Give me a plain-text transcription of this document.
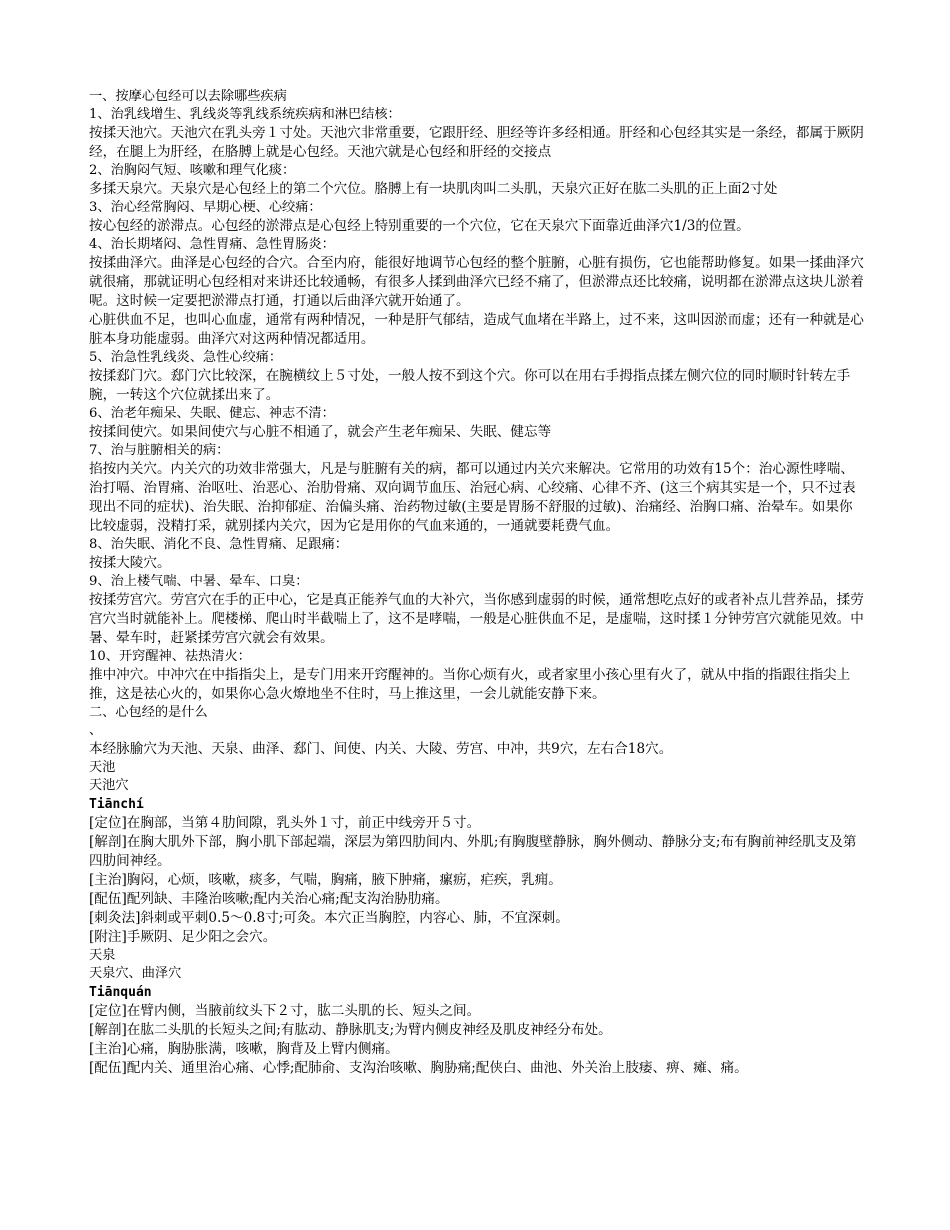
一、按摩心包经可以去除哪些疾病

1、治乳线增生、乳线炎等乳线系统疾病和淋巴结核：

按揉天池穴。天池穴在乳头旁１寸处。天池穴非常重要，它跟肝经、胆经等许多经相通。肝经和心包经其实是一条经，都属于厥阴经，在腿上为肝经，在胳膊上就是心包经。天池穴就是心包经和肝经的交接点

2、治胸闷气短、咳嗽和理气化痰：

多揉天泉穴。天泉穴是心包经上的第二个穴位。胳膊上有一块肌肉叫二头肌，天泉穴正好在肱二头肌的正上面2寸处

3、治心经常胸闷、早期心梗、心绞痛：

按心包经的淤滞点。心包经的淤滞点是心包经上特别重要的一个穴位，它在天泉穴下面靠近曲泽穴1/3的位置。

4、治长期堵闷、急性胃痛、急性胃肠炎：

按揉曲泽穴。曲泽是心包经的合穴。合至内府，能很好地调节心包经的整个脏腑，心脏有损伤，它也能帮助修复。如果一揉曲泽穴就很痛，那就证明心包经相对来讲还比较通畅，有很多人揉到曲泽穴已经不痛了，但淤滞点还比较痛，说明都在淤滞点这块儿淤着呢。这时候一定要把淤滞点打通，打通以后曲泽穴就开始通了。

心脏供血不足，也叫心血虚，通常有两种情况，一种是肝气郁结，造成气血堵在半路上，过不来，这叫因淤而虚；还有一种就是心脏本身功能虚弱。曲泽穴对这两种情况都适用。

5、治急性乳线炎、急性心绞痛：

按揉郄门穴。郄门穴比较深，在腕横纹上５寸处，一般人按不到这个穴。你可以在用右手拇指点揉左侧穴位的同时顺时针转左手腕，一转这个穴位就揉出来了。

6、治老年痴呆、失眠、健忘、神志不清：

按揉间使穴。如果间使穴与心脏不相通了，就会产生老年痴呆、失眠、健忘等

7、治与脏腑相关的病：

掐按内关穴。内关穴的功效非常强大，凡是与脏腑有关的病，都可以通过内关穴来解决。它常用的功效有15个：治心源性哮喘、治打嗝、治胃痛、治呕吐、治恶心、治肋骨痛、双向调节血压、治冠心病、心绞痛、心律不齐、(这三个病其实是一个，只不过表现出不同的症状)、治失眠、治抑郁症、治偏头痛、治药物过敏(主要是胃肠不舒服的过敏)、治痛经、治胸口痛、治晕车。如果你比较虚弱，没精打采，就别揉内关穴，因为它是用你的气血来通的，一通就要耗费气血。

8、治失眠、消化不良、急性胃痛、足跟痛：

按揉大陵穴。

9、治上楼气喘、中暑、晕车、口臭：

按揉劳宫穴。劳宫穴在手的正中心，它是真正能养气血的大补穴，当你感到虚弱的时候，通常想吃点好的或者补点儿营养品，揉劳宫穴当时就能补上。爬楼梯、爬山时半截喘上了，这不是哮喘，一般是心脏供血不足，是虚喘，这时揉１分钟劳宫穴就能见效。中暑、晕车时，赶紧揉劳宫穴就会有效果。

10、开窍醒神、祛热清火：

推中冲穴。中冲穴在中指指尖上，是专门用来开窍醒神的。当你心烦有火，或者家里小孩心里有火了，就从中指的指跟往指尖上推，这是祛心火的，如果你心急火燎地坐不住时，马上推这里，一会儿就能安静下来。

二、心包经的是什么

、

本经脉腧穴为天池、天泉、曲泽、郄门、间使、内关、大陵、劳宫、中冲，共9穴，左右合18穴。

天池

天池穴

Tiānchí

[定位]在胸部，当第４肋间隙，乳头外１寸，前正中线旁开５寸。

[解剖]在胸大肌外下部，胸小肌下部起端，深层为第四肋间内、外肌;有胸腹壁静脉，胸外侧动、静脉分支;布有胸前神经肌支及第四肋间神经。

[主治]胸闷，心烦，咳嗽，痰多，气喘，胸痛，腋下肿痛，瘰疬，疟疾，乳痈。

[配伍]配列缺、丰隆治咳嗽;配内关治心痛;配支沟治胁肋痛。

[刺灸法]斜刺或平刺0.5～0.8寸;可灸。本穴正当胸腔，内容心、肺，不宜深刺。

[附注]手厥阴、足少阳之会穴。

天泉

天泉穴、曲泽穴

Tiānquán

[定位]在臂内侧，当腋前纹头下２寸，肱二头肌的长、短头之间。

[解剖]在肱二头肌的长短头之间;有肱动、静脉肌支;为臂内侧皮神经及肌皮神经分布处。

[主治]心痛，胸胁胀满，咳嗽，胸背及上臂内侧痛。

[配伍]配内关、通里治心痛、心悸;配肺俞、支沟治咳嗽、胸胁痛;配侠白、曲池、外关治上肢痿、痹、瘫、痛。
